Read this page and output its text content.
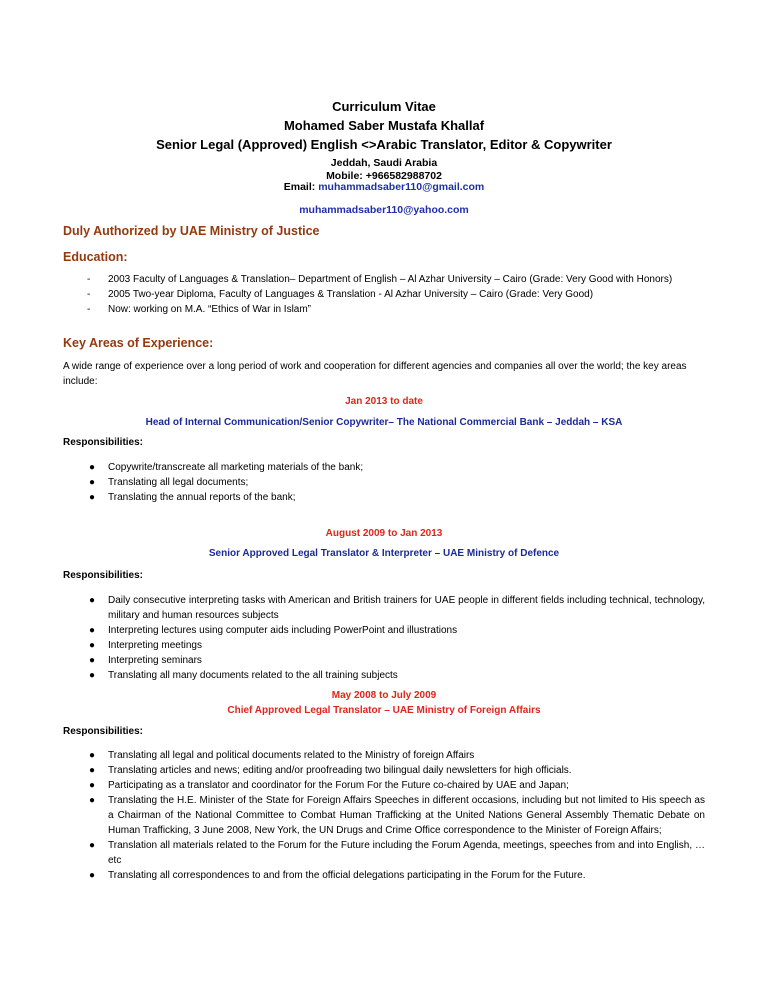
Curriculum Vitae
Mohamed Saber Mustafa Khallaf
Senior Legal (Approved) English <>Arabic Translator, Editor & Copywriter
Jeddah, Saudi Arabia
Mobile: +966582988702
Email: muhammadsaber110@gmail.com
muhammadsaber110@yahoo.com
Duly Authorized by UAE Ministry of Justice
Education:
- 2003 Faculty of Languages & Translation– Department of English – Al Azhar University – Cairo (Grade: Very Good with Honors)
- 2005 Two-year Diploma, Faculty of Languages & Translation - Al Azhar University – Cairo (Grade: Very Good)
- Now: working on M.A. “Ethics of War in Islam”
Key Areas of Experience:
A wide range of experience over a long period of work and cooperation for different agencies and companies all over the world; the key areas include:
Jan 2013 to date
Head of Internal Communication/Senior Copywriter– The National Commercial Bank – Jeddah – KSA
Responsibilities:
● Copywrite/transcreate all marketing materials of the bank;
● Translating all legal documents;
● Translating the annual reports of the bank;
August 2009 to Jan 2013
Senior Approved Legal Translator & Interpreter – UAE Ministry of Defence
Responsibilities:
● Daily consecutive interpreting tasks with American and British trainers for UAE people in different fields including technical, technology, military and human resources subjects
● Interpreting lectures using computer aids including PowerPoint and illustrations
● Interpreting meetings
● Interpreting seminars
● Translating all many documents related to the all training subjects
May 2008 to July 2009
Chief Approved Legal Translator – UAE Ministry of Foreign Affairs
Responsibilities:
● Translating all legal and political documents related to the Ministry of foreign Affairs
● Translating articles and news; editing and/or proofreading two bilingual daily newsletters for high officials.
● Participating as a translator and coordinator for the Forum For the Future co-chaired by UAE and Japan;
● Translating the H.E. Minister of the State for Foreign Affairs Speeches in different occasions, including but not limited to His speech as a Chairman of the National Committee to Combat Human Trafficking at the United Nations General Assembly Thematic Debate on Human Trafficking, 3 June 2008, New York, the UN Drugs and Crime Office correspondence to the Minister of Foreign Affairs;
● Translation all materials related to the Forum for the Future including the Forum Agenda, meetings, speeches from and into English, …etc
● Translating all correspondences to and from the official delegations participating in the Forum for the Future.
